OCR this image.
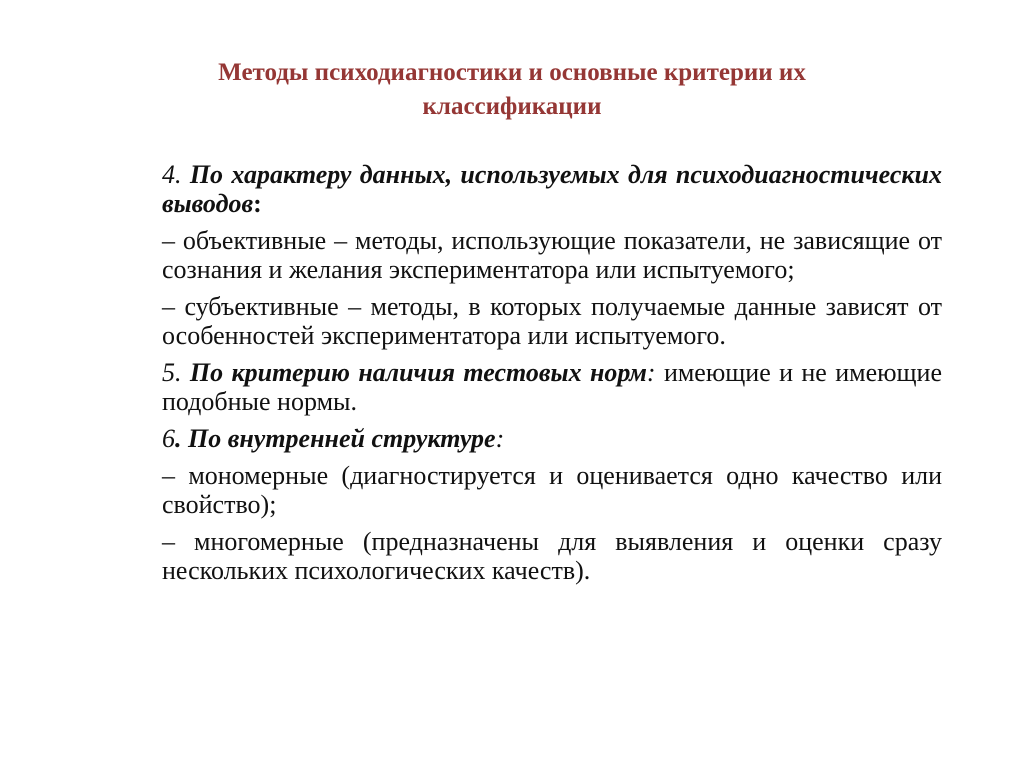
Методы психодиагностики и основные критерии их
классификации

4. По характеру данных, используемых для психодиагностических выводов:

– объективные – методы, использующие показатели, не зависящие от сознания и желания экспериментатора или испытуемого;

– субъективные – методы, в которых получаемые данные зависят от особенностей экспериментатора или испытуемого.

5. По критерию наличия тестовых норм: имеющие и не имеющие подобные нормы.

6. По внутренней структуре:

– мономерные (диагностируется и оценивается одно качество или свойство);

– многомерные (предназначены для выявления и оценки сразу нескольких психологических качеств).
